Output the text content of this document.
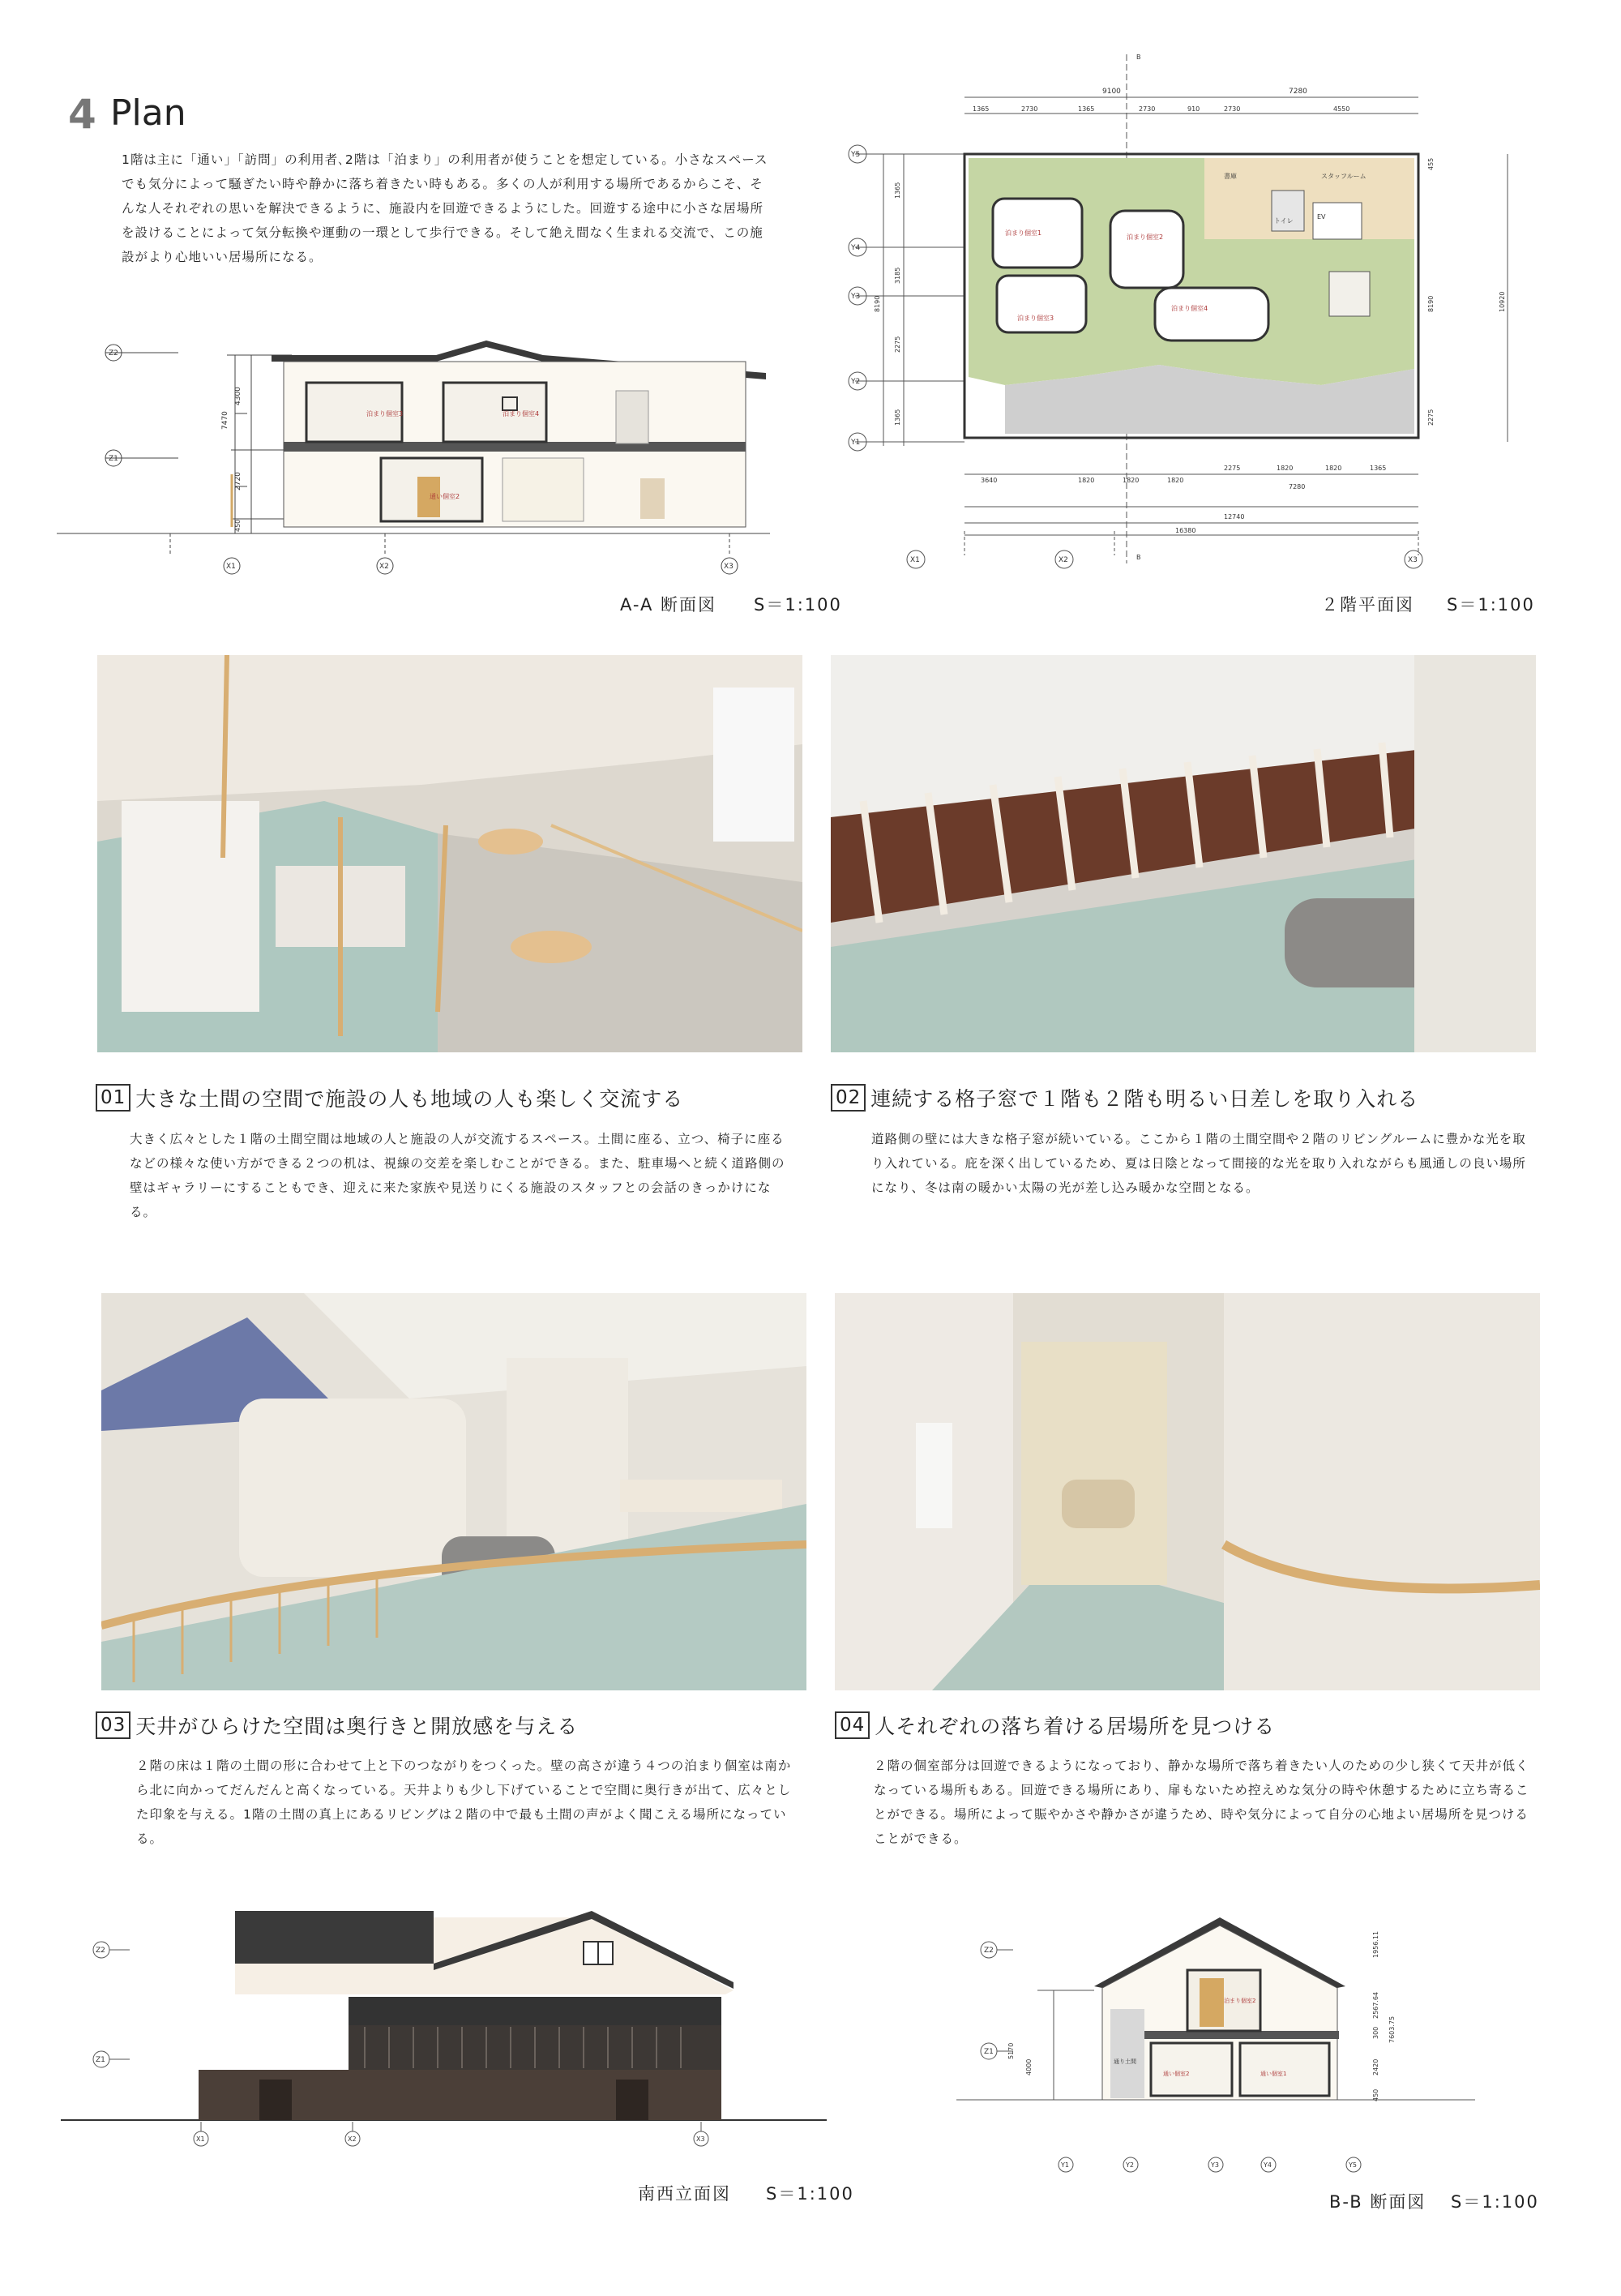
4 Plan
1階は主に「通い」「訪問」の利用者､2階は「泊まり」の利用者が使うことを想定している。小さなスペースでも気分によって騒ぎたい時や静かに落ち着きたい時もある。多くの人が利用する場所であるからこそ、そんな人それぞれの思いを解決できるように、施設内を回遊できるようにした。回遊する途中に小さな居場所を設けることによって気分転換や運動の一環として歩行できる。そして絶え間なく生まれる交流で、この施設がより心地いい居場所になる。
泊まり個室3	泊まり個室4
通い個室2
Z2
Z1
X1	X2	X3
4300
7470
2720
450
A-A 断面図 S＝1:100
泊まり個室1
泊まり個室2
泊まり個室3
泊まり個室4
書庫	スタッフルーム
トイレ
EV
9100	7280
1365	2730	1365	2730	910	2730	4550
3640	1820	1820	1820
2275	1820	1820	1365
7280
12740
16380
1365
3185
2275
1365
8190
455
8190	10920
2275
Y5
Y4
Y3
Y2
Y1
X1	X2	X3
B
B
２階平面図 S＝1:100
01 大きな土間の空間で施設の人も地域の人も楽しく交流する
大きく広々とした１階の土間空間は地域の人と施設の人が交流するスペース。土間に座る、立つ、椅子に座るなどの様々な使い方ができる２つの机は、視線の交差を楽しむことができる。また、駐車場へと続く道路側の壁はギャラリーにすることもでき、迎えに来た家族や見送りにくる施設のスタッフとの会話のきっかけになる。
02 連続する格子窓で１階も２階も明るい日差しを取り入れる
道路側の壁には大きな格子窓が続いている。ここから１階の土間空間や２階のリビングルームに豊かな光を取り入れている。庇を深く出しているため、夏は日陰となって間接的な光を取り入れながらも風通しの良い場所になり、冬は南の暖かい太陽の光が差し込み暖かな空間となる。
03 天井がひらけた空間は奥行きと開放感を与える
２階の床は１階の土間の形に合わせて上と下のつながりをつくった。壁の高さが違う４つの泊まり個室は南から北に向かってだんだんと高くなっている。天井よりも少し下げていることで空間に奥行きが出て、広々とした印象を与える。1階の土間の真上にあるリビングは２階の中で最も土間の声がよく聞こえる場所になっている。
04 人それぞれの落ち着ける居場所を見つける
２階の個室部分は回遊できるようになっており、静かな場所で落ち着きたい人のための少し狭くて天井が低くなっている場所もある。回遊できる場所にあり、扉もないため控えめな気分の時や休憩するために立ち寄ることができる。場所によって賑やかさや静かさが違うため、時や気分によって自分の心地よい居場所を見つけることができる。
Z2
Z1
X1	X2	X3
南西立面図 S＝1:100
通り土間
泊まり個室2
通い個室2	通い個室1
Z2
Z1
Y1	Y2	Y3	Y4	Y5
5170
4000
1956.11
2567.64
7603.75
300
2420
450
B-B 断面図 S＝1:100
